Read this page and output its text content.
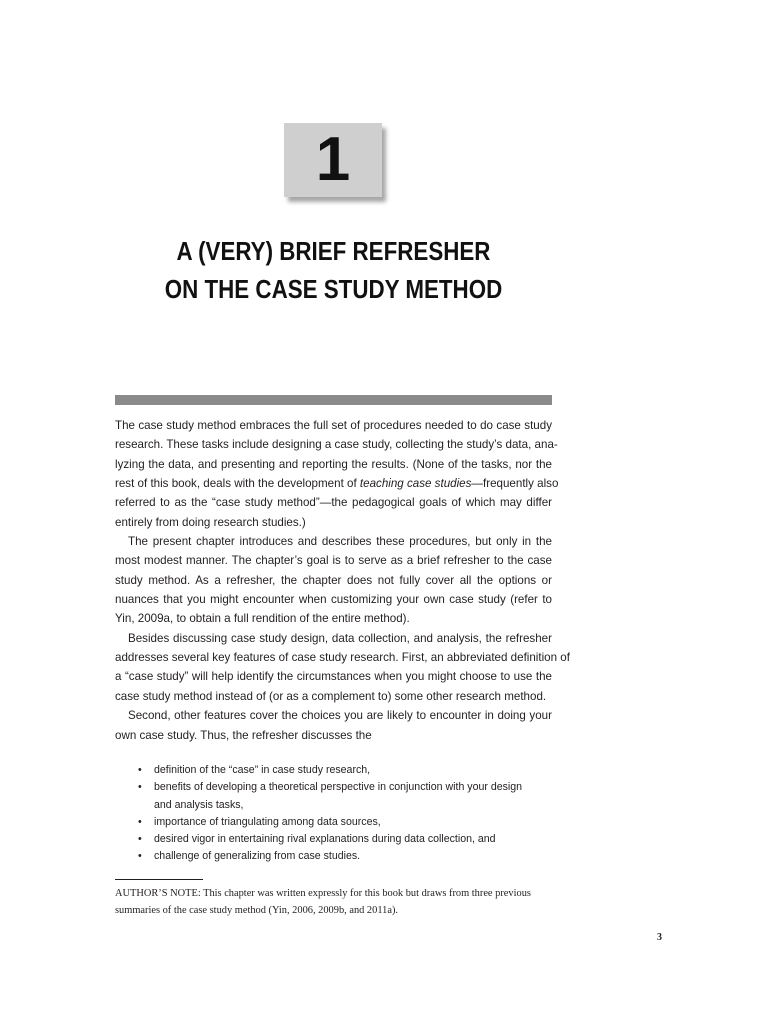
1
A (VERY) BRIEF REFRESHER
ON THE CASE STUDY METHOD
The case study method embraces the full set of procedures needed to do case study
research. These tasks include designing a case study, collecting the study’s data, ana-
lyzing the data, and presenting and reporting the results. (None of the tasks, nor the
rest of this book, deals with the development of teaching case studies—frequently also
referred to as the “case study method”—the pedagogical goals of which may differ
entirely from doing research studies.)
The present chapter introduces and describes these procedures, but only in the
most modest manner. The chapter’s goal is to serve as a brief refresher to the case
study method. As a refresher, the chapter does not fully cover all the options or
nuances that you might encounter when customizing your own case study (refer to
Yin, 2009a, to obtain a full rendition of the entire method).
Besides discussing case study design, data collection, and analysis, the refresher
addresses several key features of case study research. First, an abbreviated definition of
a “case study” will help identify the circumstances when you might choose to use the
case study method instead of (or as a complement to) some other research method.
Second, other features cover the choices you are likely to encounter in doing your
own case study. Thus, the refresher discusses the
• definition of the “case” in case study research,
• benefits of developing a theoretical perspective in conjunction with your design
and analysis tasks,
• importance of triangulating among data sources,
• desired vigor in entertaining rival explanations during data collection, and
• challenge of generalizing from case studies.
AUTHOR’S NOTE: This chapter was written expressly for this book but draws from three previous
summaries of the case study method (Yin, 2006, 2009b, and 2011a).
3
